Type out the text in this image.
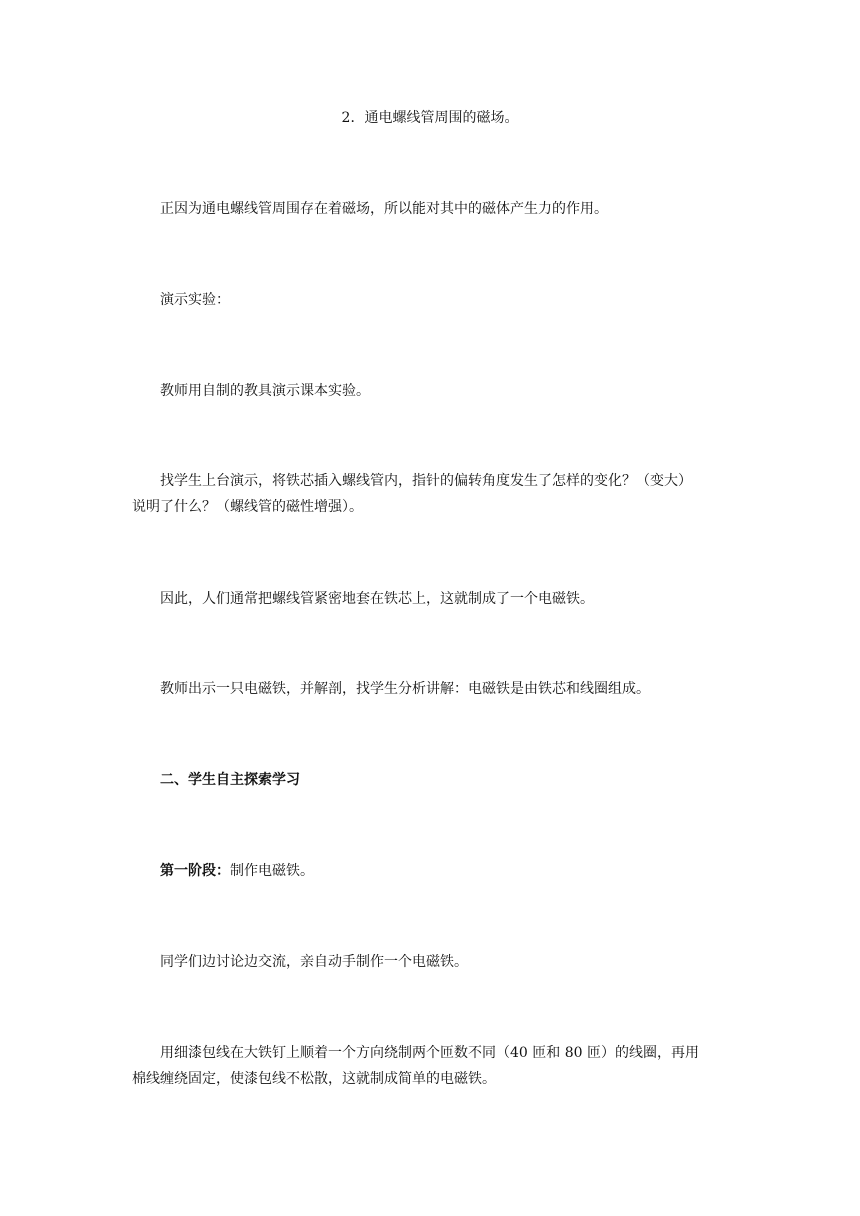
2．通电螺线管周围的磁场。

正因为通电螺线管周围存在着磁场，所以能对其中的磁体产生力的作用。

演示实验：

教师用自制的教具演示课本实验。

找学生上台演示，将铁芯插入螺线管内，指针的偏转角度发生了怎样的变化？（变大）
说明了什么？（螺线管的磁性增强）。

因此，人们通常把螺线管紧密地套在铁芯上，这就制成了一个电磁铁。

教师出示一只电磁铁，并解剖，找学生分析讲解：电磁铁是由铁芯和线圈组成。

二、学生自主探索学习

第一阶段：制作电磁铁。

同学们边讨论边交流，亲自动手制作一个电磁铁。

用细漆包线在大铁钉上顺着一个方向绕制两个匝数不同（40 匝和 80 匝）的线圈，再用
棉线缠绕固定，使漆包线不松散，这就制成简单的电磁铁。
